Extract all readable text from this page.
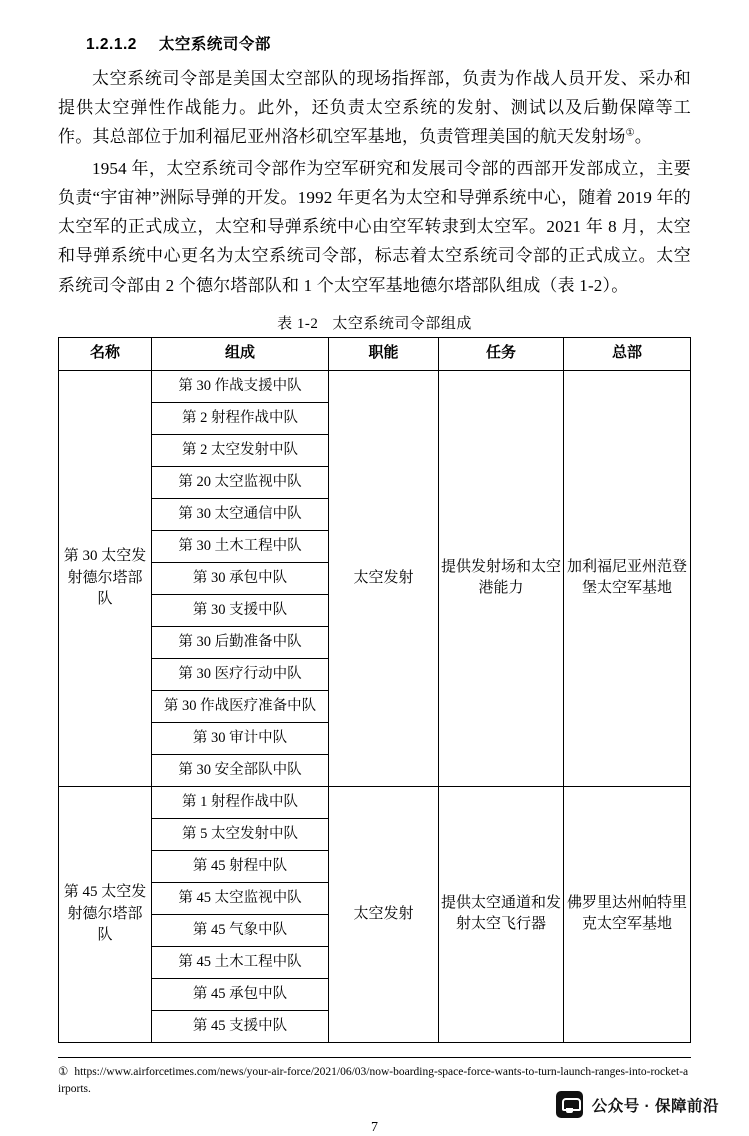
1.2.1.2 太空系统司令部

太空系统司令部是美国太空部队的现场指挥部，负责为作战人员开发、采办和提供太空弹性作战能力。此外，还负责太空系统的发射、测试以及后勤保障等工作。其总部位于加利福尼亚州洛杉矶空军基地，负责管理美国的航天发射场①。

1954 年，太空系统司令部作为空军研究和发展司令部的西部开发部成立，主要负责“宇宙神”洲际导弹的开发。1992 年更名为太空和导弹系统中心，随着 2019 年的太空军的正式成立，太空和导弹系统中心由空军转隶到太空军。2021 年 8 月，太空和导弹系统中心更名为太空系统司令部，标志着太空系统司令部的正式成立。太空系统司令部由 2 个德尔塔部队和 1 个太空军基地德尔塔部队组成（表 1-2）。

表 1-2 太空系统司令部组成
名称	组成	职能	任务	总部
第 30 太空发射德尔塔部队	第 30 作战支援中队	太空发射	提供发射场和太空港能力	加利福尼亚州范登堡太空军基地
	第 2 射程作战中队			
	第 2 太空发射中队			
	第 20 太空监视中队			
	第 30 太空通信中队			
	第 30 土木工程中队			
	第 30 承包中队			
	第 30 支援中队			
	第 30 后勤准备中队			
	第 30 医疗行动中队			
	第 30 作战医疗准备中队			
	第 30 审计中队			
	第 30 安全部队中队			
第 45 太空发射德尔塔部队	第 1 射程作战中队	太空发射	提供太空通道和发射太空飞行器	佛罗里达州帕特里克太空军基地
	第 5 太空发射中队			
	第 45 射程中队			
	第 45 太空监视中队			
	第 45 气象中队			
	第 45 土木工程中队			
	第 45 承包中队			
	第 45 支援中队			
① https://www.airforcetimes.com/news/your-air-force/2021/06/03/now-boarding-space-force-wants-to-turn-launch-ranges-into-rocket-airports.
7
公众号 · 保障前沿
